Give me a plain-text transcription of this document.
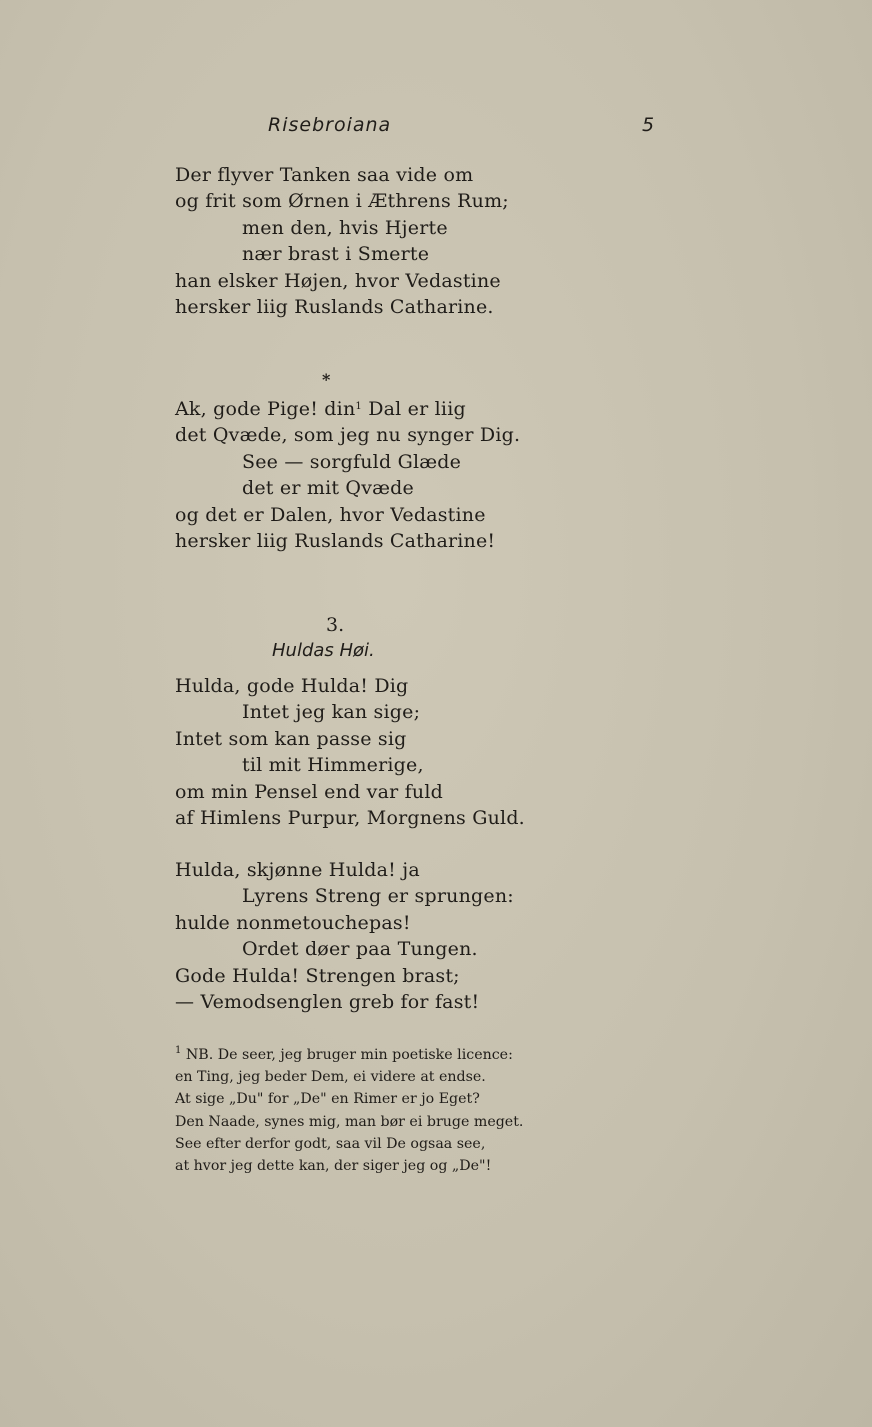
Risebroiana	5
Der flyver Tanken saa vide om
og frit som Ørnen i Æthrens Rum;
men den, hvis Hjerte
nær brast i Smerte
han elsker Højen, hvor Vedastine
hersker liig Ruslands Catharine.
*
Ak, gode Pige! din$^1$ Dal er liig
det Qvæde, som jeg nu synger Dig.
See — sorgfuld Glæde
det er mit Qvæde
og det er Dalen, hvor Vedastine
hersker liig Ruslands Catharine!
3.
Huldas Høi.
Hulda, gode Hulda! Dig
Intet jeg kan sige;
Intet som kan passe sig
til mit Himmerige,
om min Pensel end var fuld
af Himlens Purpur, Morgnens Guld.
Hulda, skjønne Hulda! ja
Lyrens Streng er sprungen:
hulde nonmetouchepas!
Ordet døer paa Tungen.
Gode Hulda! Strengen brast;
— Vemodsenglen greb for fast!
$^1$ NB. De seer, jeg bruger min poetiske licence:
en Ting, jeg beder Dem, ei videre at endse.
At sige „Du" for „De" en Rimer er jo Eget?
Den Naade, synes mig, man bør ei bruge meget.
See efter derfor godt, saa vil De ogsaa see,
at hvor jeg dette kan, der siger jeg og „De"!
